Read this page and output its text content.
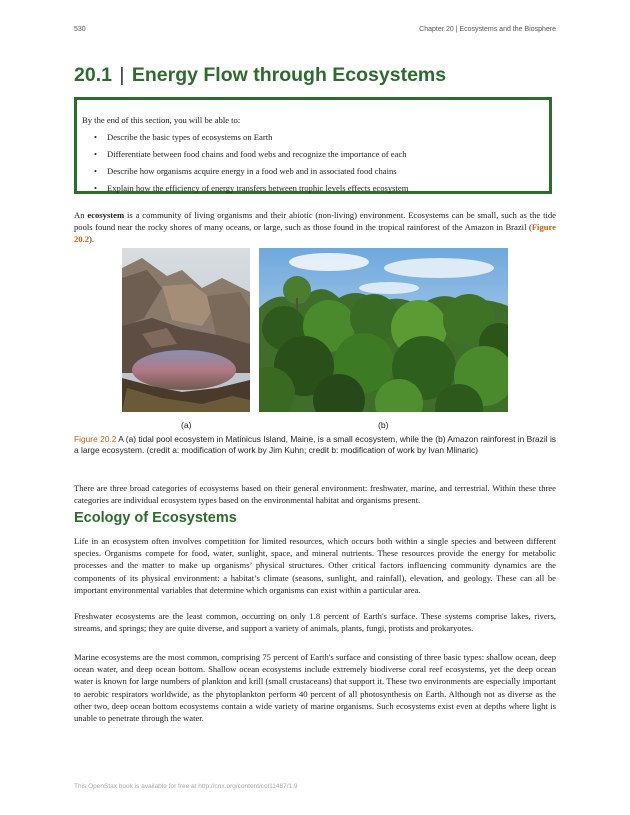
530	Chapter 20 | Ecosystems and the Biosphere
20.1 | Energy Flow through Ecosystems
By the end of this section, you will be able to:
• Describe the basic types of ecosystems on Earth
• Differentiate between food chains and food webs and recognize the importance of each
• Describe how organisms acquire energy in a food web and in associated food chains
• Explain how the efficiency of energy transfers between trophic levels effects ecosystem

An ecosystem is a community of living organisms and their abiotic (non-living) environment. Ecosystems can be small, such as the tide pools found near the rocky shores of many oceans, or large, such as those found in the tropical rainforest of the Amazon in Brazil (Figure 20.2).

(a)	(b)

Figure 20.2 A (a) tidal pool ecosystem in Matinicus Island, Maine, is a small ecosystem, while the (b) Amazon rainforest in Brazil is a large ecosystem. (credit a: modification of work by Jim Kuhn; credit b: modification of work by Ivan Mlinaric)

There are three broad categories of ecosystems based on their general environment: freshwater, marine, and terrestrial. Within these three categories are individual ecosystem types based on the environmental habitat and organisms present.

Ecology of Ecosystems

Life in an ecosystem often involves competition for limited resources, which occurs both within a single species and between different species. Organisms compete for food, water, sunlight, space, and mineral nutrients. These resources provide the energy for metabolic processes and the matter to make up organisms’ physical structures. Other critical factors influencing community dynamics are the components of its physical environment: a habitat’s climate (seasons, sunlight, and rainfall), elevation, and geology. These can all be important environmental variables that determine which organisms can exist within a particular area.

Freshwater ecosystems are the least common, occurring on only 1.8 percent of Earth's surface. These systems comprise lakes, rivers, streams, and springs; they are quite diverse, and support a variety of animals, plants, fungi, protists and prokaryotes.

Marine ecosystems are the most common, comprising 75 percent of Earth's surface and consisting of three basic types: shallow ocean, deep ocean water, and deep ocean bottom. Shallow ocean ecosystems include extremely biodiverse coral reef ecosystems, yet the deep ocean water is known for large numbers of plankton and krill (small crustaceans) that support it. These two environments are especially important to aerobic respirators worldwide, as the phytoplankton perform 40 percent of all photosynthesis on Earth. Although not as diverse as the other two, deep ocean bottom ecosystems contain a wide variety of marine organisms. Such ecosystems exist even at depths where light is unable to penetrate through the water.

This OpenStax book is available for free at http://cnx.org/content/col11487/1.9
